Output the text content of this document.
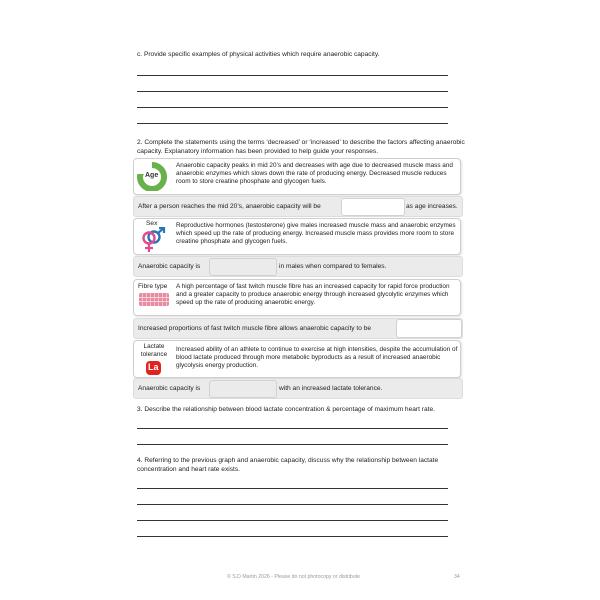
c. Provide specific examples of physical activities which require anaerobic capacity.
2. Complete the statements using the terms ‘decreased’ or ‘increased’ to describe the factors affecting anaerobic capacity. Explanatory information has been provided to help guide your responses.
Age
Anaerobic capacity peaks in mid 20’s and decreases with age due to decreased muscle mass and anaerobic enzymes which slows down the rate of producing energy. Decreased muscle reduces room to store creatine phosphate and glycogen fuels.
After a person reaches the mid 20’s, anaerobic capacity will be	as age increases.
Sex	Reproductive hormones (testosterone) give males increased muscle mass and anaerobic enzymes which speed up the rate of producing energy. Increased muscle mass provides more room to store creatine phosphate and glycogen fuels.
Anaerobic capacity is	in males when compared to females.
Fibre type A high percentage of fast twitch muscle fibre has an increased capacity for rapid force production and a greater capacity to produce anaerobic energy through increased glycolytic enzymes which speed up the rate of producing anaerobic energy.
Increased proportions of fast twitch muscle fibre allows anaerobic capacity to be
Lactate tolerance
La
Increased ability of an athlete to continue to exercise at high intensities, despite the accumulation of blood lactate produced through more metabolic byproducts as a result of increased anaerobic glycolysis energy production.
Anaerobic capacity is	with an increased lactate tolerance.
3. Describe the relationship between blood lactate concentration & percentage of maximum heart rate.
4. Referring to the previous graph and anaerobic capacity, discuss why the relationship between lactate concentration and heart rate exists.
© S.D Martin 2026 - Please do not photocopy or distribute	34
